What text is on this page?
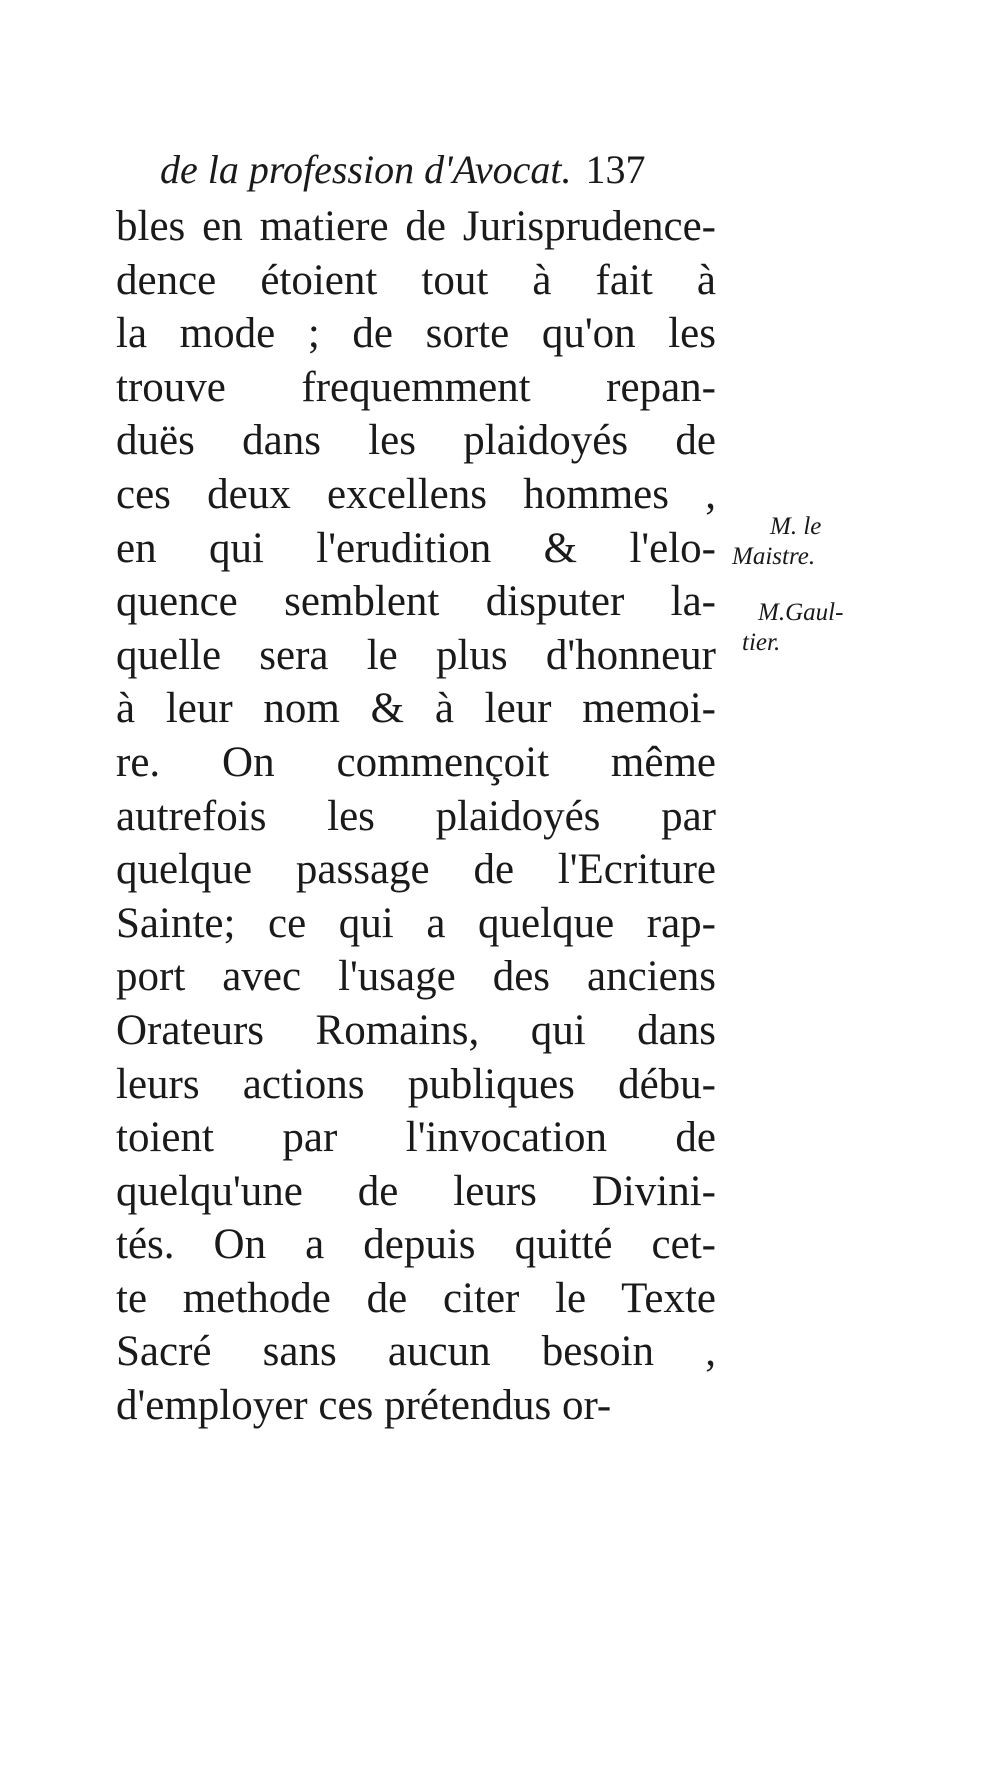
de la profession d'Avocat. 137
bles en matiere de Jurisprudence-
dence étoient tout à fait à
la mode ; de sorte qu'on les
trouve frequemment repan-
duës dans les plaidoyés de
ces deux excellens hommes ,
en qui l'erudition & l'elo-
quence semblent disputer la-
quelle sera le plus d'honneur
à leur nom & à leur memoi-
re. On commençoit même
autrefois les plaidoyés par
quelque passage de l'Ecriture
Sainte; ce qui a quelque rap-
port avec l'usage des anciens
Orateurs Romains, qui dans
leurs actions publiques débu-
toient par l'invocation de
quelqu'une de leurs Divini-
tés. On a depuis quitté cet-
te methode de citer le Texte
Sacré sans aucun besoin ,
d'employer ces prétendus or-
M. le
Maistre.
M.Gaul-
tier.
